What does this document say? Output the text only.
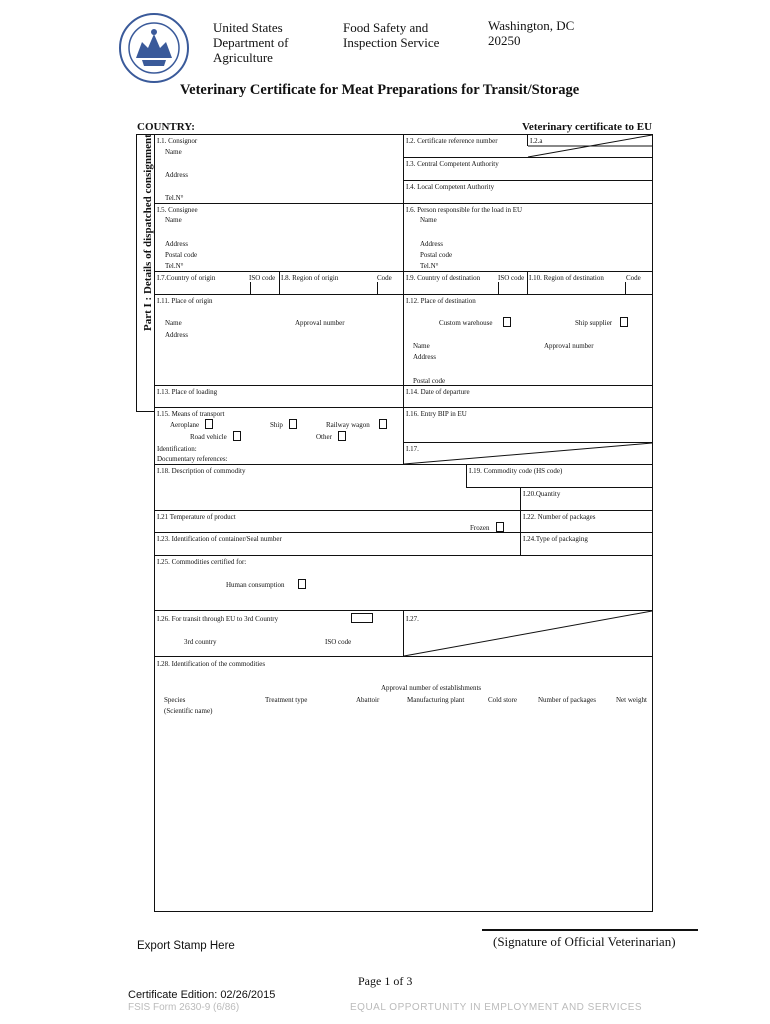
United States
Department of
Agriculture
Food Safety and
Inspection Service
Washington, DC
20250
Veterinary Certificate for Meat Preparations for Transit/Storage
COUNTRY:	Veterinary certificate to EU
Part I : Details of dispatched consignment I.1. Consignor
Name
Address
Tel.N°
I.2. Certificate reference number	I.2.a
I.3. Central Competent Authority
I.4. Local Competent Authority
I.5. Consignee
Name
Address
Postal code
Tel.N°
I.6. Person responsible for the load in EU
Name
Address
Postal code
Tel.N°
I.7.Country of origin	ISO code I.8. Region of origin	Code I.9. Country of destination	ISO code I.10. Region of destination	Code
I.11. Place of origin
Name	Approval number
Address
I.12. Place of destination
Custom warehouse	Ship supplier
Name	Approval number
Address
Postal code
I.13. Place of loading	I.14. Date of departure
I.15. Means of transport
Aeroplane	Ship	Railway wagon
Road vehicle	Other
Identification:
Documentary references:
I.16. Entry BIP in EU
I.17.
I.18. Description of commodity	I.19. Commodity code (HS code)
I.20.Quantity
I.21 Temperature of product
Frozen
I.22. Number of packages
I.23. Identification of container/Seal number	I.24.Type of packaging
I.25. Commodities certified for:
Human consumption
I.26. For transit through EU to 3rd Country
3rd country	ISO code
I.27.
I.28. Identification of the commodities
Approval number of establishments
Species	Treatment type	Abattoir	Manufacturing plant	Cold store	Number of packages	Net weight
(Scientific name)
Export Stamp Here	(Signature of Official Veterinarian)
Page 1 of 3
Certificate Edition: 02/26/2015
FSIS Form 2630-9 (6/86)	EQUAL OPPORTUNITY IN EMPLOYMENT AND SERVICES
